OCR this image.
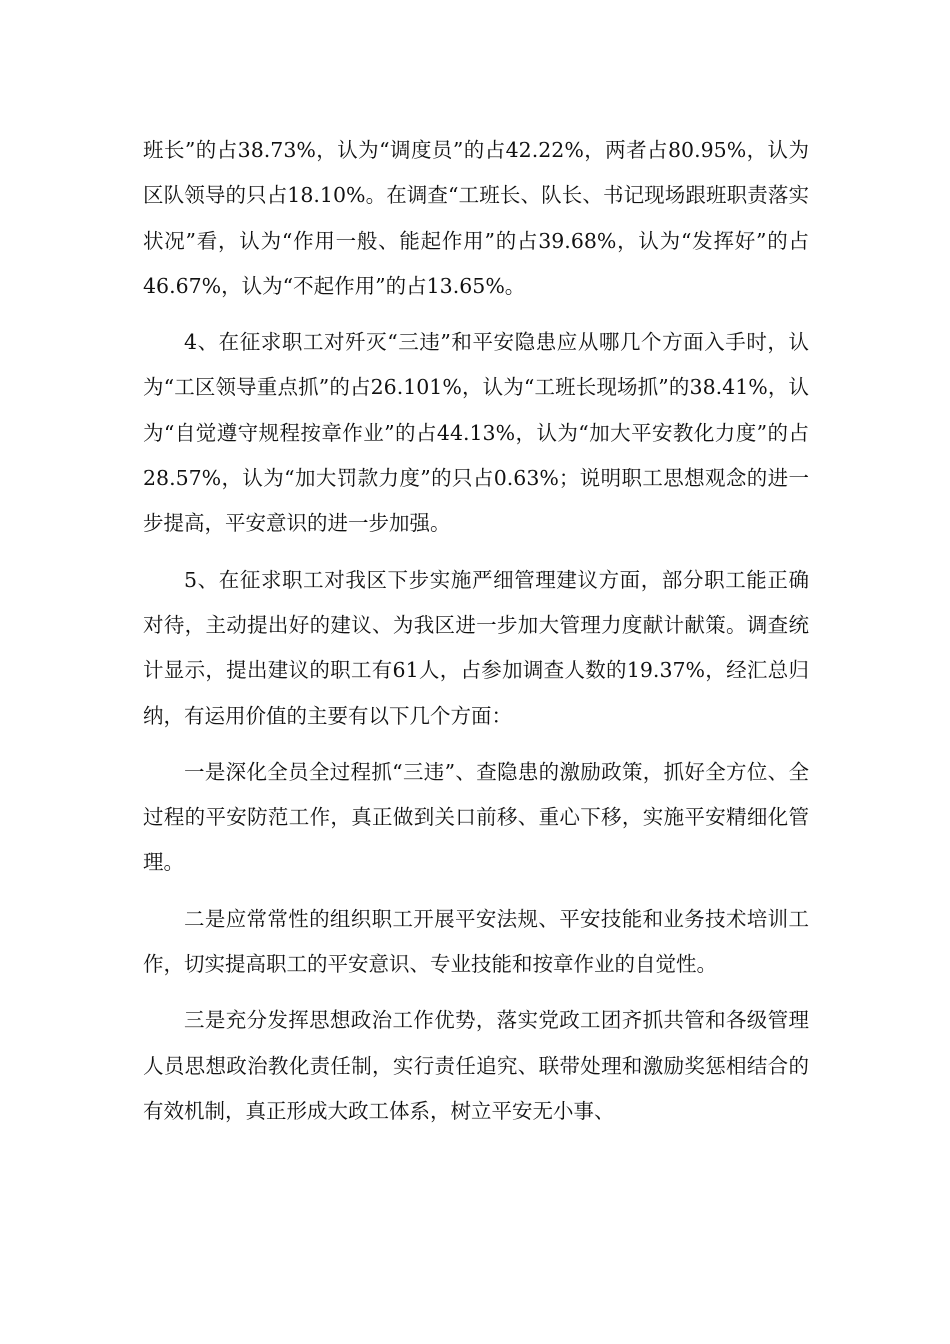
班长”的占38.73%，认为“调度员”的占42.22%，两者占80.95%，认为区队领导的只占18.10%。在调查“工班长、队长、书记现场跟班职责落实状况”看，认为“作用一般、能起作用”的占39.68%，认为“发挥好”的占46.67%，认为“不起作用”的占13.65%。

4、在征求职工对歼灭“三违”和平安隐患应从哪几个方面入手时，认为“工区领导重点抓”的占26.101%，认为“工班长现场抓”的38.41%，认为“自觉遵守规程按章作业”的占44.13%，认为“加大平安教化力度”的占28.57%，认为“加大罚款力度”的只占0.63%；说明职工思想观念的进一步提高，平安意识的进一步加强。

5、在征求职工对我区下步实施严细管理建议方面，部分职工能正确对待，主动提出好的建议、为我区进一步加大管理力度献计献策。调查统计显示，提出建议的职工有61人，占参加调查人数的19.37%，经汇总归纳，有运用价值的主要有以下几个方面：

一是深化全员全过程抓“三违”、查隐患的激励政策，抓好全方位、全过程的平安防范工作，真正做到关口前移、重心下移，实施平安精细化管理。

二是应常常性的组织职工开展平安法规、平安技能和业务技术培训工作，切实提高职工的平安意识、专业技能和按章作业的自觉性。

三是充分发挥思想政治工作优势，落实党政工团齐抓共管和各级管理人员思想政治教化责任制，实行责任追究、联带处理和激励奖惩相结合的有效机制，真正形成大政工体系，树立平安无小事、
